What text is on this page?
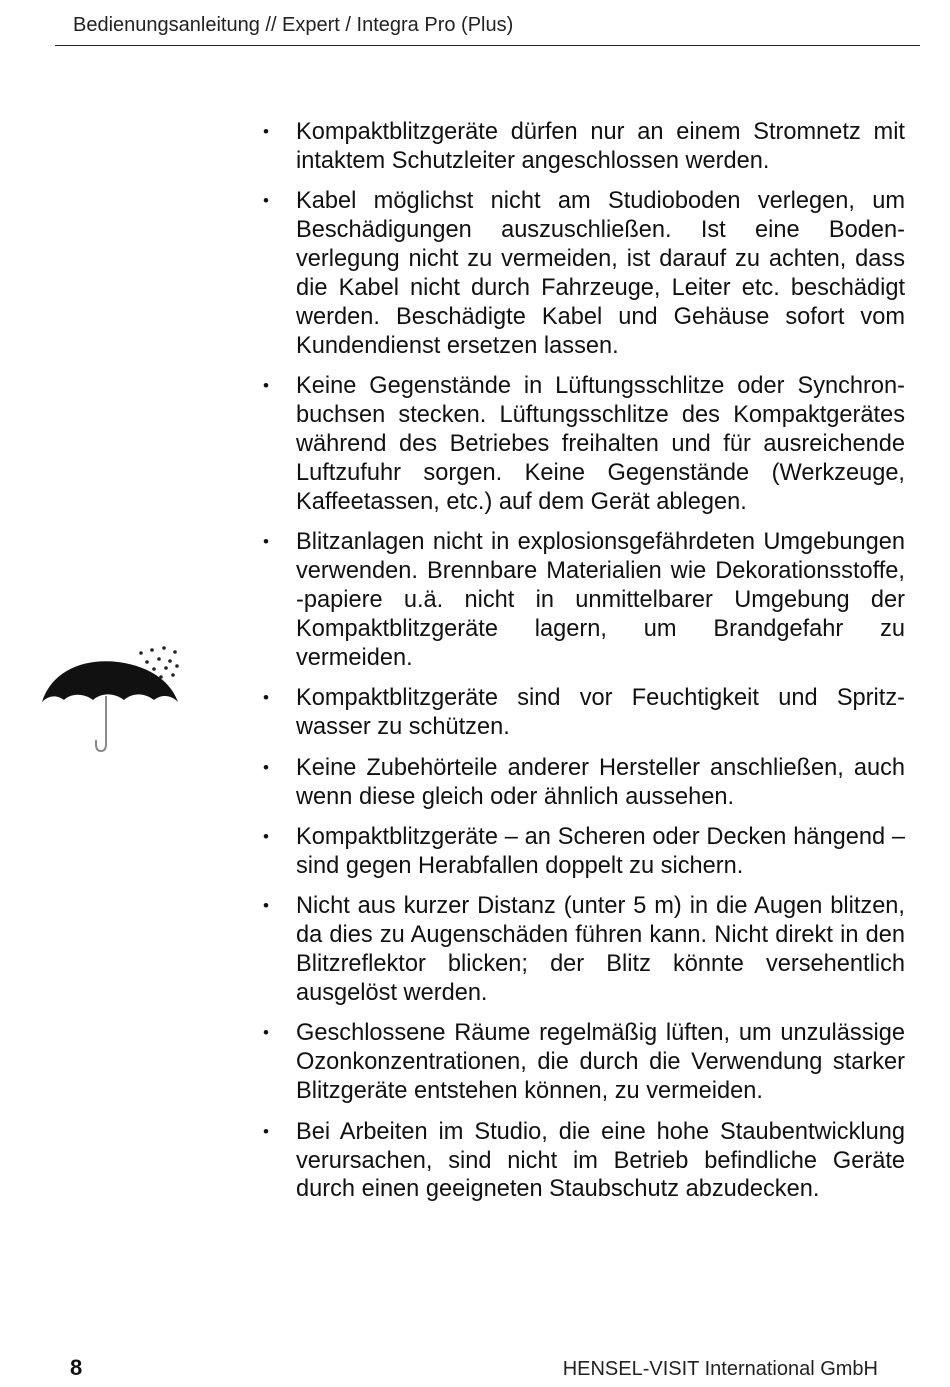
Bedienungsanleitung // Expert / Integra Pro (Plus)
• Kompaktblitzgeräte dürfen nur an einem Stromnetz mit intaktem Schutzleiter angeschlossen werden.
• Kabel möglichst nicht am Studioboden verlegen, um Beschädigungen auszuschließen. Ist eine Bodenverlegung nicht zu vermeiden, ist darauf zu achten, dass die Kabel nicht durch Fahrzeuge, Leiter etc. beschädigt werden. Beschädigte Kabel und Gehäuse sofort vom Kundendienst ersetzen lassen.
• Keine Gegenstände in Lüftungsschlitze oder Synchronbuchsen stecken. Lüftungsschlitze des Kompaktgerätes während des Betriebes freihalten und für ausreichende Luftzufuhr sorgen. Keine Gegenstände (Werkzeuge, Kaffeetassen, etc.) auf dem Gerät ablegen.
• Blitzanlagen nicht in explosionsgefährdeten Umgebungen verwenden. Brennbare Materialien wie Dekorationsstoffe, -papiere u.ä. nicht in unmittelbarer Umgebung der Kompaktblitzgeräte lagern, um Brandgefahr zu vermeiden.
• Kompaktblitzgeräte sind vor Feuchtigkeit und Spritzwasser zu schützen.
• Keine Zubehörteile anderer Hersteller anschließen, auch wenn diese gleich oder ähnlich aussehen.
• Kompaktblitzgeräte – an Scheren oder Decken hängend – sind gegen Herabfallen doppelt zu sichern.
• Nicht aus kurzer Distanz (unter 5 m) in die Augen blitzen, da dies zu Augenschäden führen kann. Nicht direkt in den Blitzreflektor blicken; der Blitz könnte versehentlich ausgelöst werden.
• Geschlossene Räume regelmäßig lüften, um unzulässige Ozonkonzentrationen, die durch die Verwendung starker Blitzgeräte entstehen können, zu vermeiden.
• Bei Arbeiten im Studio, die eine hohe Staubentwicklung verursachen, sind nicht im Betrieb befindliche Geräte durch einen geeigneten Staubschutz abzudecken.
8	HENSEL-VISIT International GmbH
